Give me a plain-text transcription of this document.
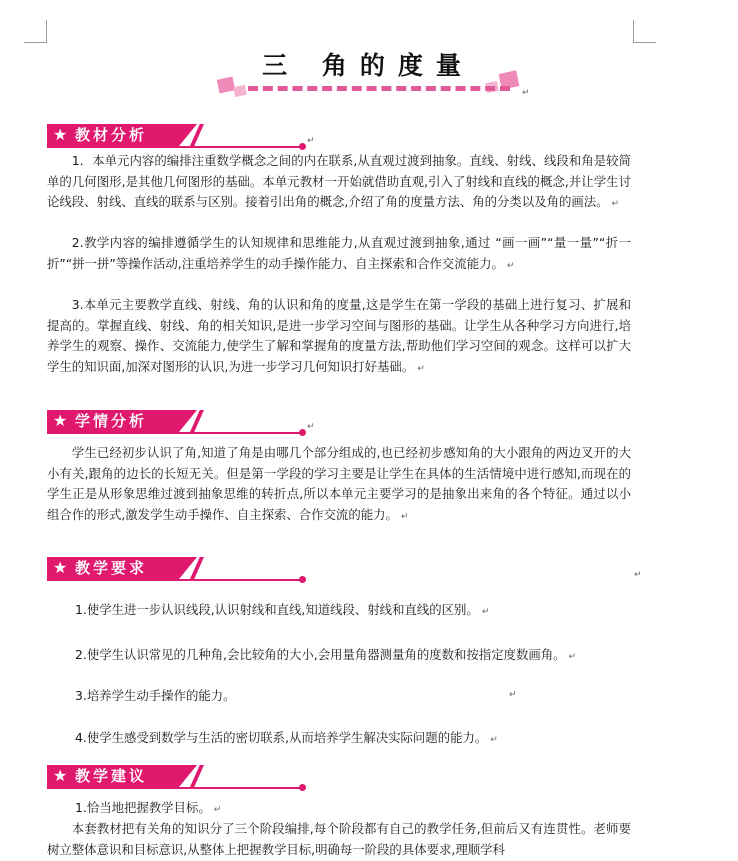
三 角的度量
↵
★ 教材分析	↵

1．本单元内容的编排注重数学概念之间的内在联系,从直观过渡到抽象。直线、射线、线段和角是较简单的几何图形,是其他几何图形的基础。本单元教材一开始就借助直观,引入了射线和直线的概念,并让学生讨论线段、射线、直线的联系与区别。接着引出角的概念,介绍了角的度量方法、角的分类以及角的画法。 ↵

2.教学内容的编排遵循学生的认知规律和思维能力,从直观过渡到抽象,通过 “画一画”“量一量”“折一折”“拼一拼”等操作活动,注重培养学生的动手操作能力、自主探索和合作交流能力。 ↵

3.本单元主要教学直线、射线、角的认识和角的度量,这是学生在第一学段的基础上进行复习、扩展和提高的。掌握直线、射线、角的相关知识,是进一步学习空间与图形的基础。让学生从各种学习方向进行,培养学生的观察、操作、交流能力,使学生了解和掌握角的度量方法,帮助他们学习空间的观念。这样可以扩大学生的知识面,加深对图形的认识,为进一步学习几何知识打好基础。 ↵

★ 学情分析	↵

学生已经初步认识了角,知道了角是由哪几个部分组成的,也已经初步感知角的大小跟角的两边叉开的大小有关,跟角的边长的长短无关。但是第一学段的学习主要是让学生在具体的生活情境中进行感知,而现在的学生正是从形象思维过渡到抽象思维的转折点,所以本单元主要学习的是抽象出来角的各个特征。通过以小组合作的形式,激发学生动手操作、自主探索、合作交流的能力。 ↵

★ 教学要求	↵

1.使学生进一步认识线段,认识射线和直线,知道线段、射线和直线的区别。 ↵

2.使学生认识常见的几种角,会比较角的大小,会用量角器测量角的度数和按指定度数画角。 ↵

3.培养学生动手操作的能力。	↵

4.使学生感受到数学与生活的密切联系,从而培养学生解决实际问题的能力。 ↵

★ 教学建议

1.恰当地把握教学目标。 ↵

本套教材把有关角的知识分了三个阶段编排,每个阶段都有自己的教学任务,但前后又有连贯性。老师要树立整体意识和目标意识,从整体上把握教学目标,明确每一阶段的具体要求,理顺学科
